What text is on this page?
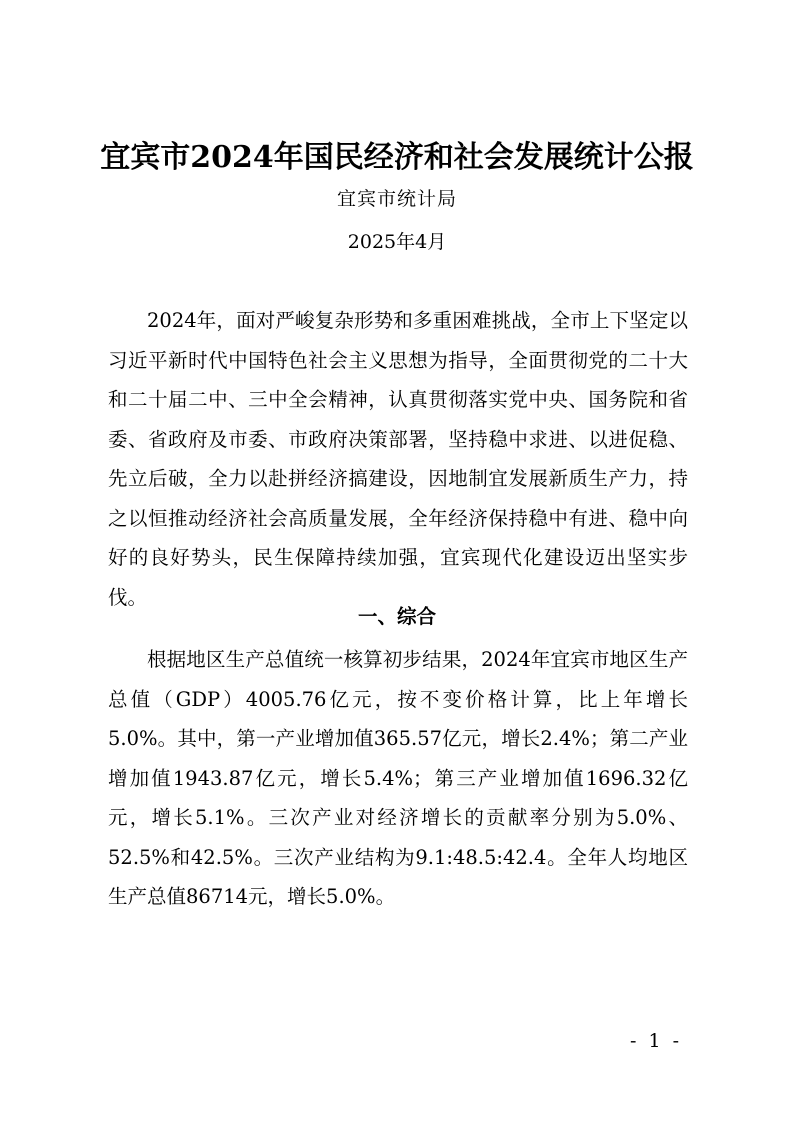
宜宾市2024年国民经济和社会发展统计公报
宜宾市统计局
2025年4月
2024年，面对严峻复杂形势和多重困难挑战，全市上下坚定以习近平新时代中国特色社会主义思想为指导，全面贯彻党的二十大和二十届二中、三中全会精神，认真贯彻落实党中央、国务院和省委、省政府及市委、市政府决策部署，坚持稳中求进、以进促稳、先立后破，全力以赴拼经济搞建设，因地制宜发展新质生产力，持之以恒推动经济社会高质量发展，全年经济保持稳中有进、稳中向好的良好势头，民生保障持续加强，宜宾现代化建设迈出坚实步伐。
一、综合
根据地区生产总值统一核算初步结果，2024年宜宾市地区生产总值（GDP）4005.76亿元，按不变价格计算，比上年增长5.0%。其中，第一产业增加值365.57亿元，增长2.4%；第二产业增加值1943.87亿元，增长5.4%；第三产业增加值1696.32亿元，增长5.1%。三次产业对经济增长的贡献率分别为5.0%、52.5%和42.5%。三次产业结构为9.1:48.5:42.4。全年人均地区生产总值86714元，增长5.0%。
- 1 -
